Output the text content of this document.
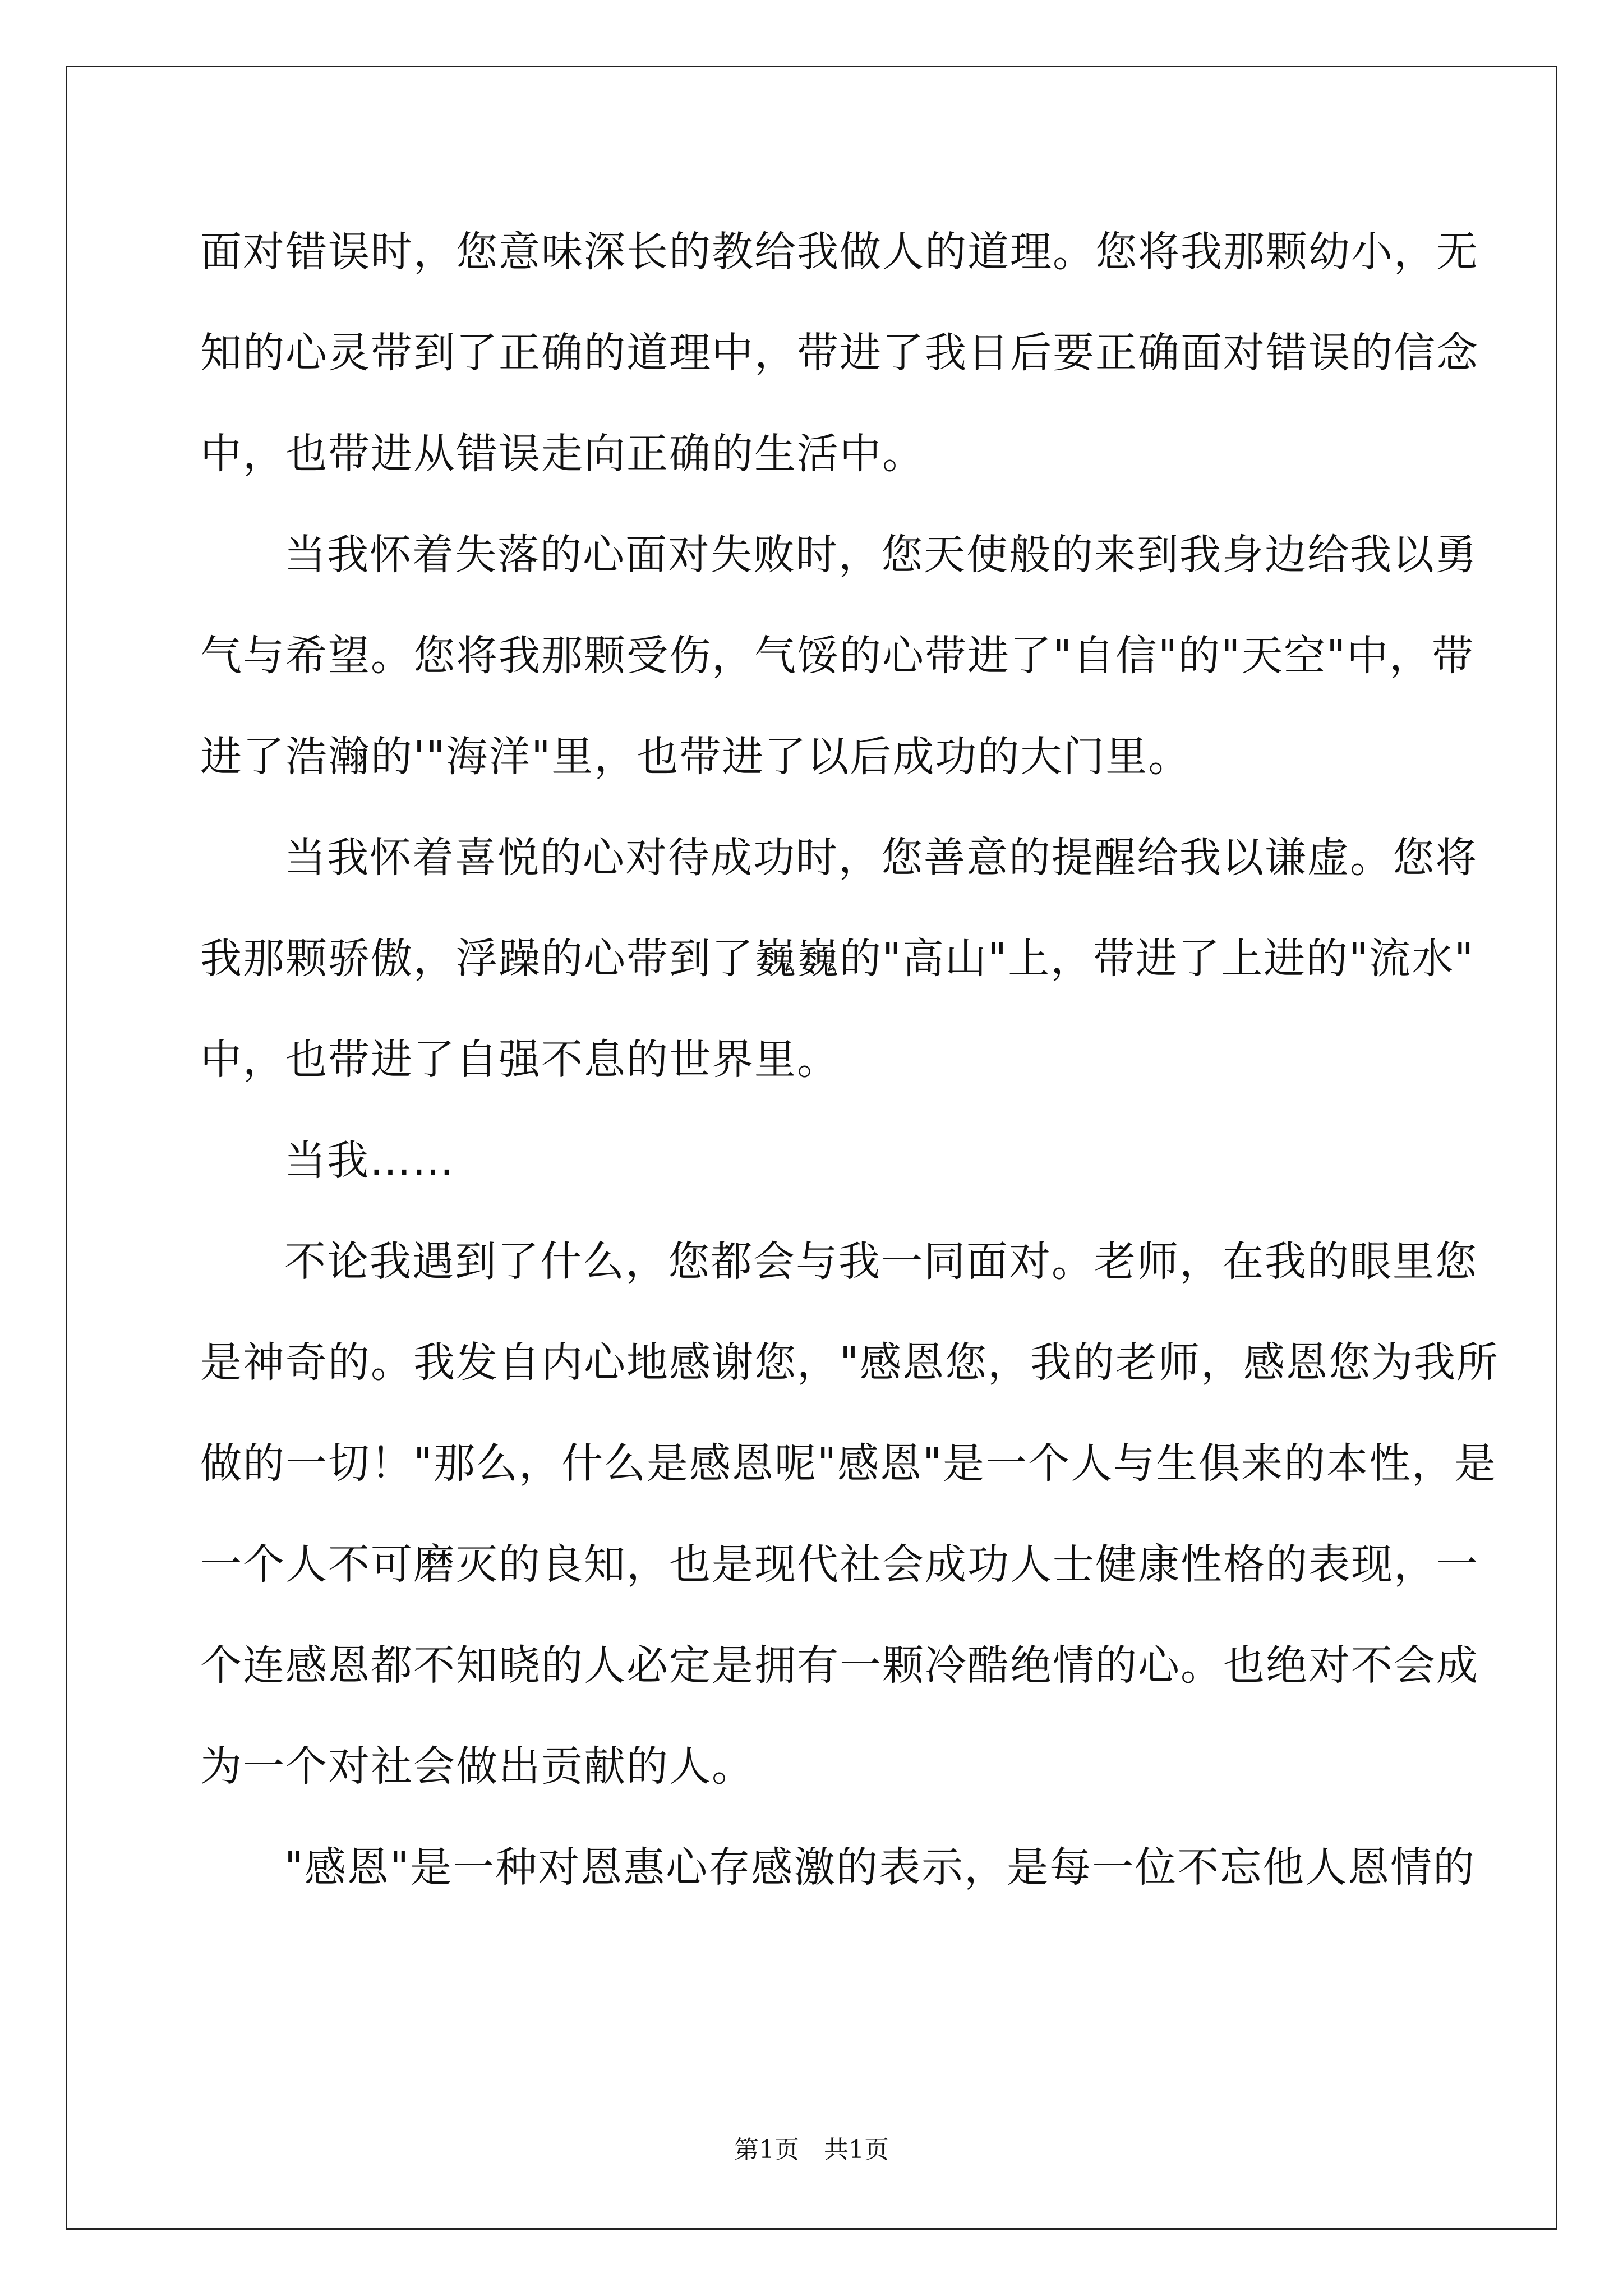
面对错误时，您意味深长的教给我做人的道理。您将我那颗幼小，无
知的心灵带到了正确的道理中，带进了我日后要正确面对错误的信念
中，也带进从错误走向正确的生活中。
当我怀着失落的心面对失败时，您天使般的来到我身边给我以勇
气与希望。您将我那颗受伤，气馁的心带进了"自信"的"天空"中，带
进了浩瀚的'"海洋"里，也带进了以后成功的大门里。
当我怀着喜悦的心对待成功时，您善意的提醒给我以谦虚。您将
我那颗骄傲，浮躁的心带到了巍巍的"高山"上，带进了上进的"流水"
中，也带进了自强不息的世界里。
当我……
不论我遇到了什么，您都会与我一同面对。老师，在我的眼里您
是神奇的。我发自内心地感谢您，"感恩您，我的老师，感恩您为我所
做的一切！"那么，什么是感恩呢"感恩"是一个人与生俱来的本性，是
一个人不可磨灭的良知，也是现代社会成功人士健康性格的表现，一
个连感恩都不知晓的人必定是拥有一颗冷酷绝情的心。也绝对不会成
为一个对社会做出贡献的人。
"感恩"是一种对恩惠心存感激的表示，是每一位不忘他人恩情的
第1页　共1页
